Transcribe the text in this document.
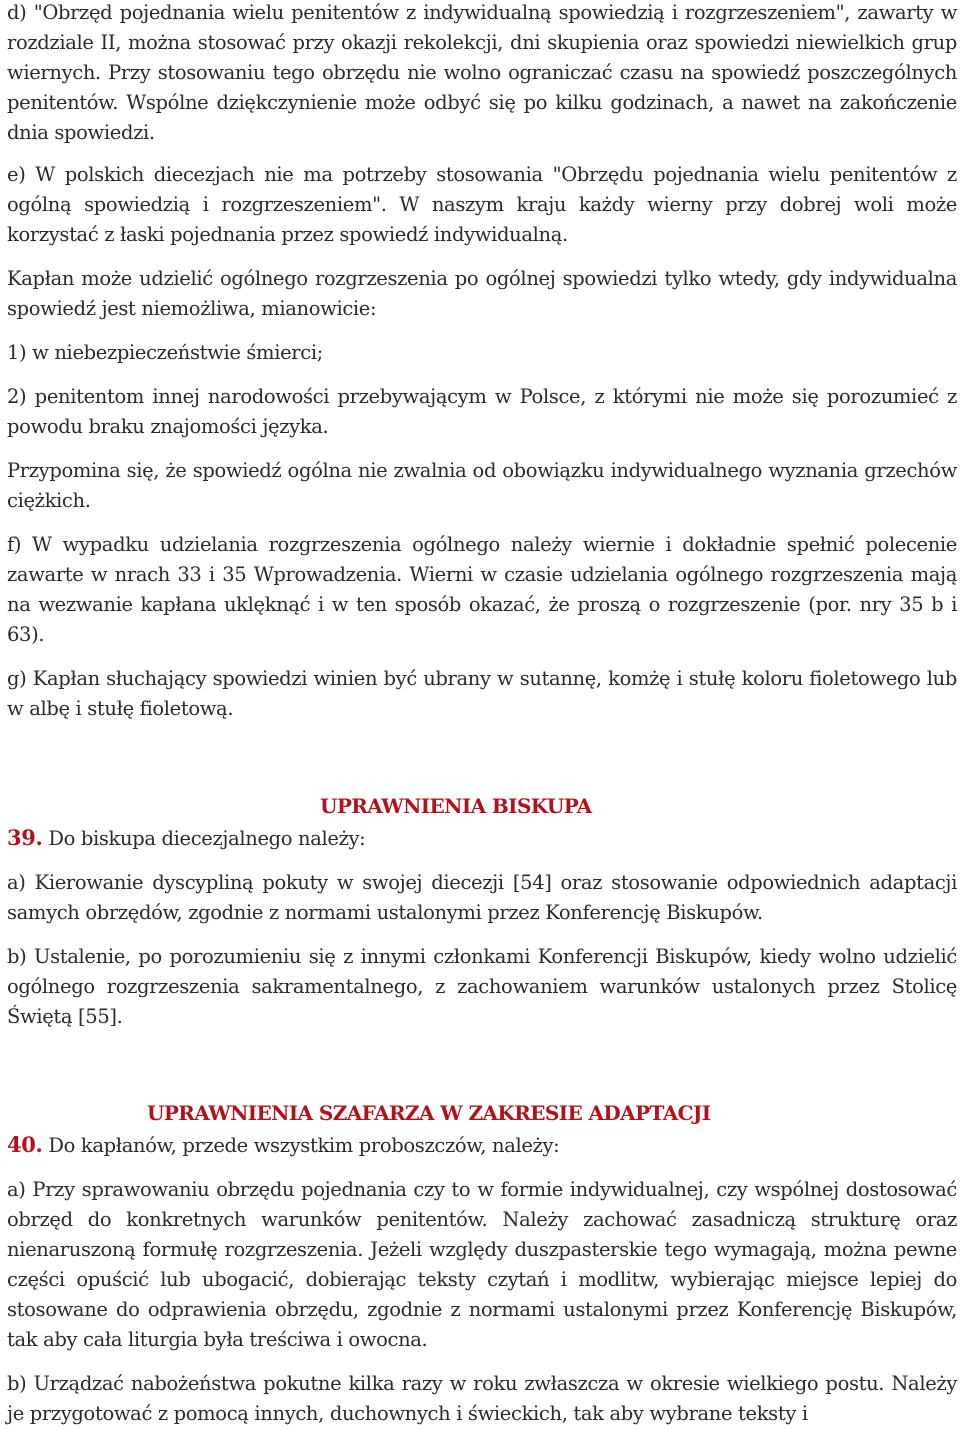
d) "Obrzęd pojednania wielu penitentów z indywidualną spowiedzią i rozgrzeszeniem", zawarty w rozdziale II, można stosować przy okazji rekolekcji, dni skupienia oraz spowiedzi niewielkich grup wiernych. Przy stosowaniu tego obrzędu nie wolno ograniczać czasu na spowiedź poszczególnych penitentów. Wspólne dziękczynienie może odbyć się po kilku godzinach, a nawet na zakończenie dnia spowiedzi.

e) W polskich diecezjach nie ma potrzeby stosowania "Obrzędu pojednania wielu penitentów z ogólną spowiedzią i rozgrzeszeniem". W naszym kraju każdy wierny przy dobrej woli może korzystać z łaski pojednania przez spowiedź indywidualną.

Kapłan może udzielić ogólnego rozgrzeszenia po ogólnej spowiedzi tylko wtedy, gdy indywidualna spowiedź jest niemożliwa, mianowicie:

1) w niebezpieczeństwie śmierci;

2) penitentom innej narodowości przebywającym w Polsce, z którymi nie może się porozumieć z powodu braku znajomości języka.

Przypomina się, że spowiedź ogólna nie zwalnia od obowiązku indywidualnego wyznania grzechów ciężkich.

f) W wypadku udzielania rozgrzeszenia ogólnego należy wiernie i dokładnie spełnić polecenie zawarte w nrach 33 i 35 Wprowadzenia. Wierni w czasie udzielania ogólnego rozgrzeszenia mają na wezwanie kapłana uklęknąć i w ten sposób okazać, że proszą o rozgrzeszenie (por. nry 35 b i 63).

g) Kapłan słuchający spowiedzi winien być ubrany w sutannę, komżę i stułę koloru fioletowego lub w albę i stułę fioletową.

UPRAWNIENIA BISKUPA

39. Do biskupa diecezjalnego należy:

a) Kierowanie dyscypliną pokuty w swojej diecezji [54] oraz stosowanie odpowiednich adaptacji samych obrzędów, zgodnie z normami ustalonymi przez Konferencję Biskupów.

b) Ustalenie, po porozumieniu się z innymi członkami Konferencji Biskupów, kiedy wolno udzielić ogólnego rozgrzeszenia sakramentalnego, z zachowaniem warunków ustalonych przez Stolicę Świętą [55].

UPRAWNIENIA SZAFARZA W ZAKRESIE ADAPTACJI

40. Do kapłanów, przede wszystkim proboszczów, należy:

a) Przy sprawowaniu obrzędu pojednania czy to w formie indywidualnej, czy wspólnej dostosować obrzęd do konkretnych warunków penitentów. Należy zachować zasadniczą strukturę oraz nienaruszoną formułę rozgrzeszenia. Jeżeli względy duszpasterskie tego wymagają, można pewne części opuścić lub ubogacić, dobierając teksty czytań i modlitw, wybierając miejsce lepiej do stosowane do odprawienia obrzędu, zgodnie z normami ustalonymi przez Konferencję Biskupów, tak aby cała liturgia była treściwa i owocna.

b) Urządzać nabożeństwa pokutne kilka razy w roku zwłaszcza w okresie wielkiego postu. Należy je przygotować z pomocą innych, duchownych i świeckich, tak aby wybrane teksty i
